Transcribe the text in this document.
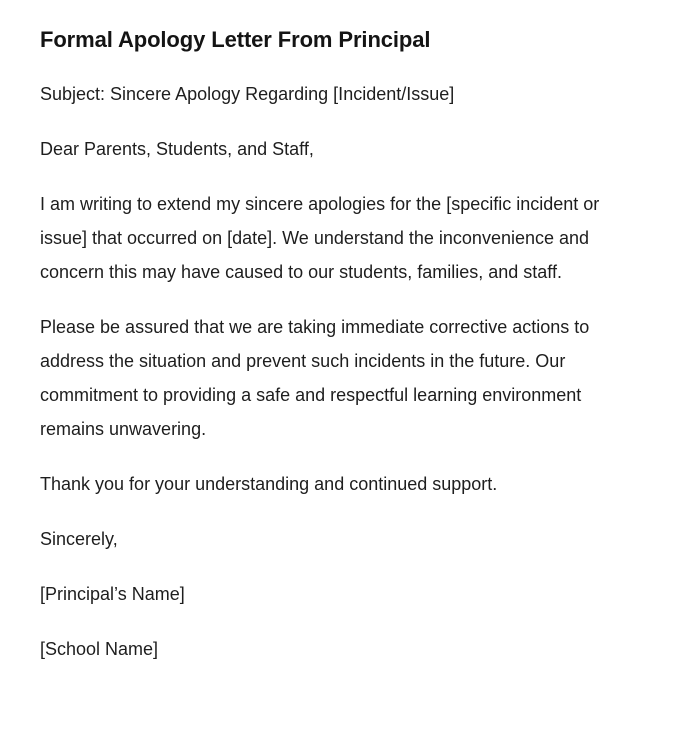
Formal Apology Letter From Principal

Subject: Sincere Apology Regarding [Incident/Issue]

Dear Parents, Students, and Staff,

I am writing to extend my sincere apologies for the [specific incident or issue] that occurred on [date]. We understand the inconvenience and concern this may have caused to our students, families, and staff.

Please be assured that we are taking immediate corrective actions to address the situation and prevent such incidents in the future. Our commitment to providing a safe and respectful learning environment remains unwavering.

Thank you for your understanding and continued support.

Sincerely,

[Principal’s Name]

[School Name]
